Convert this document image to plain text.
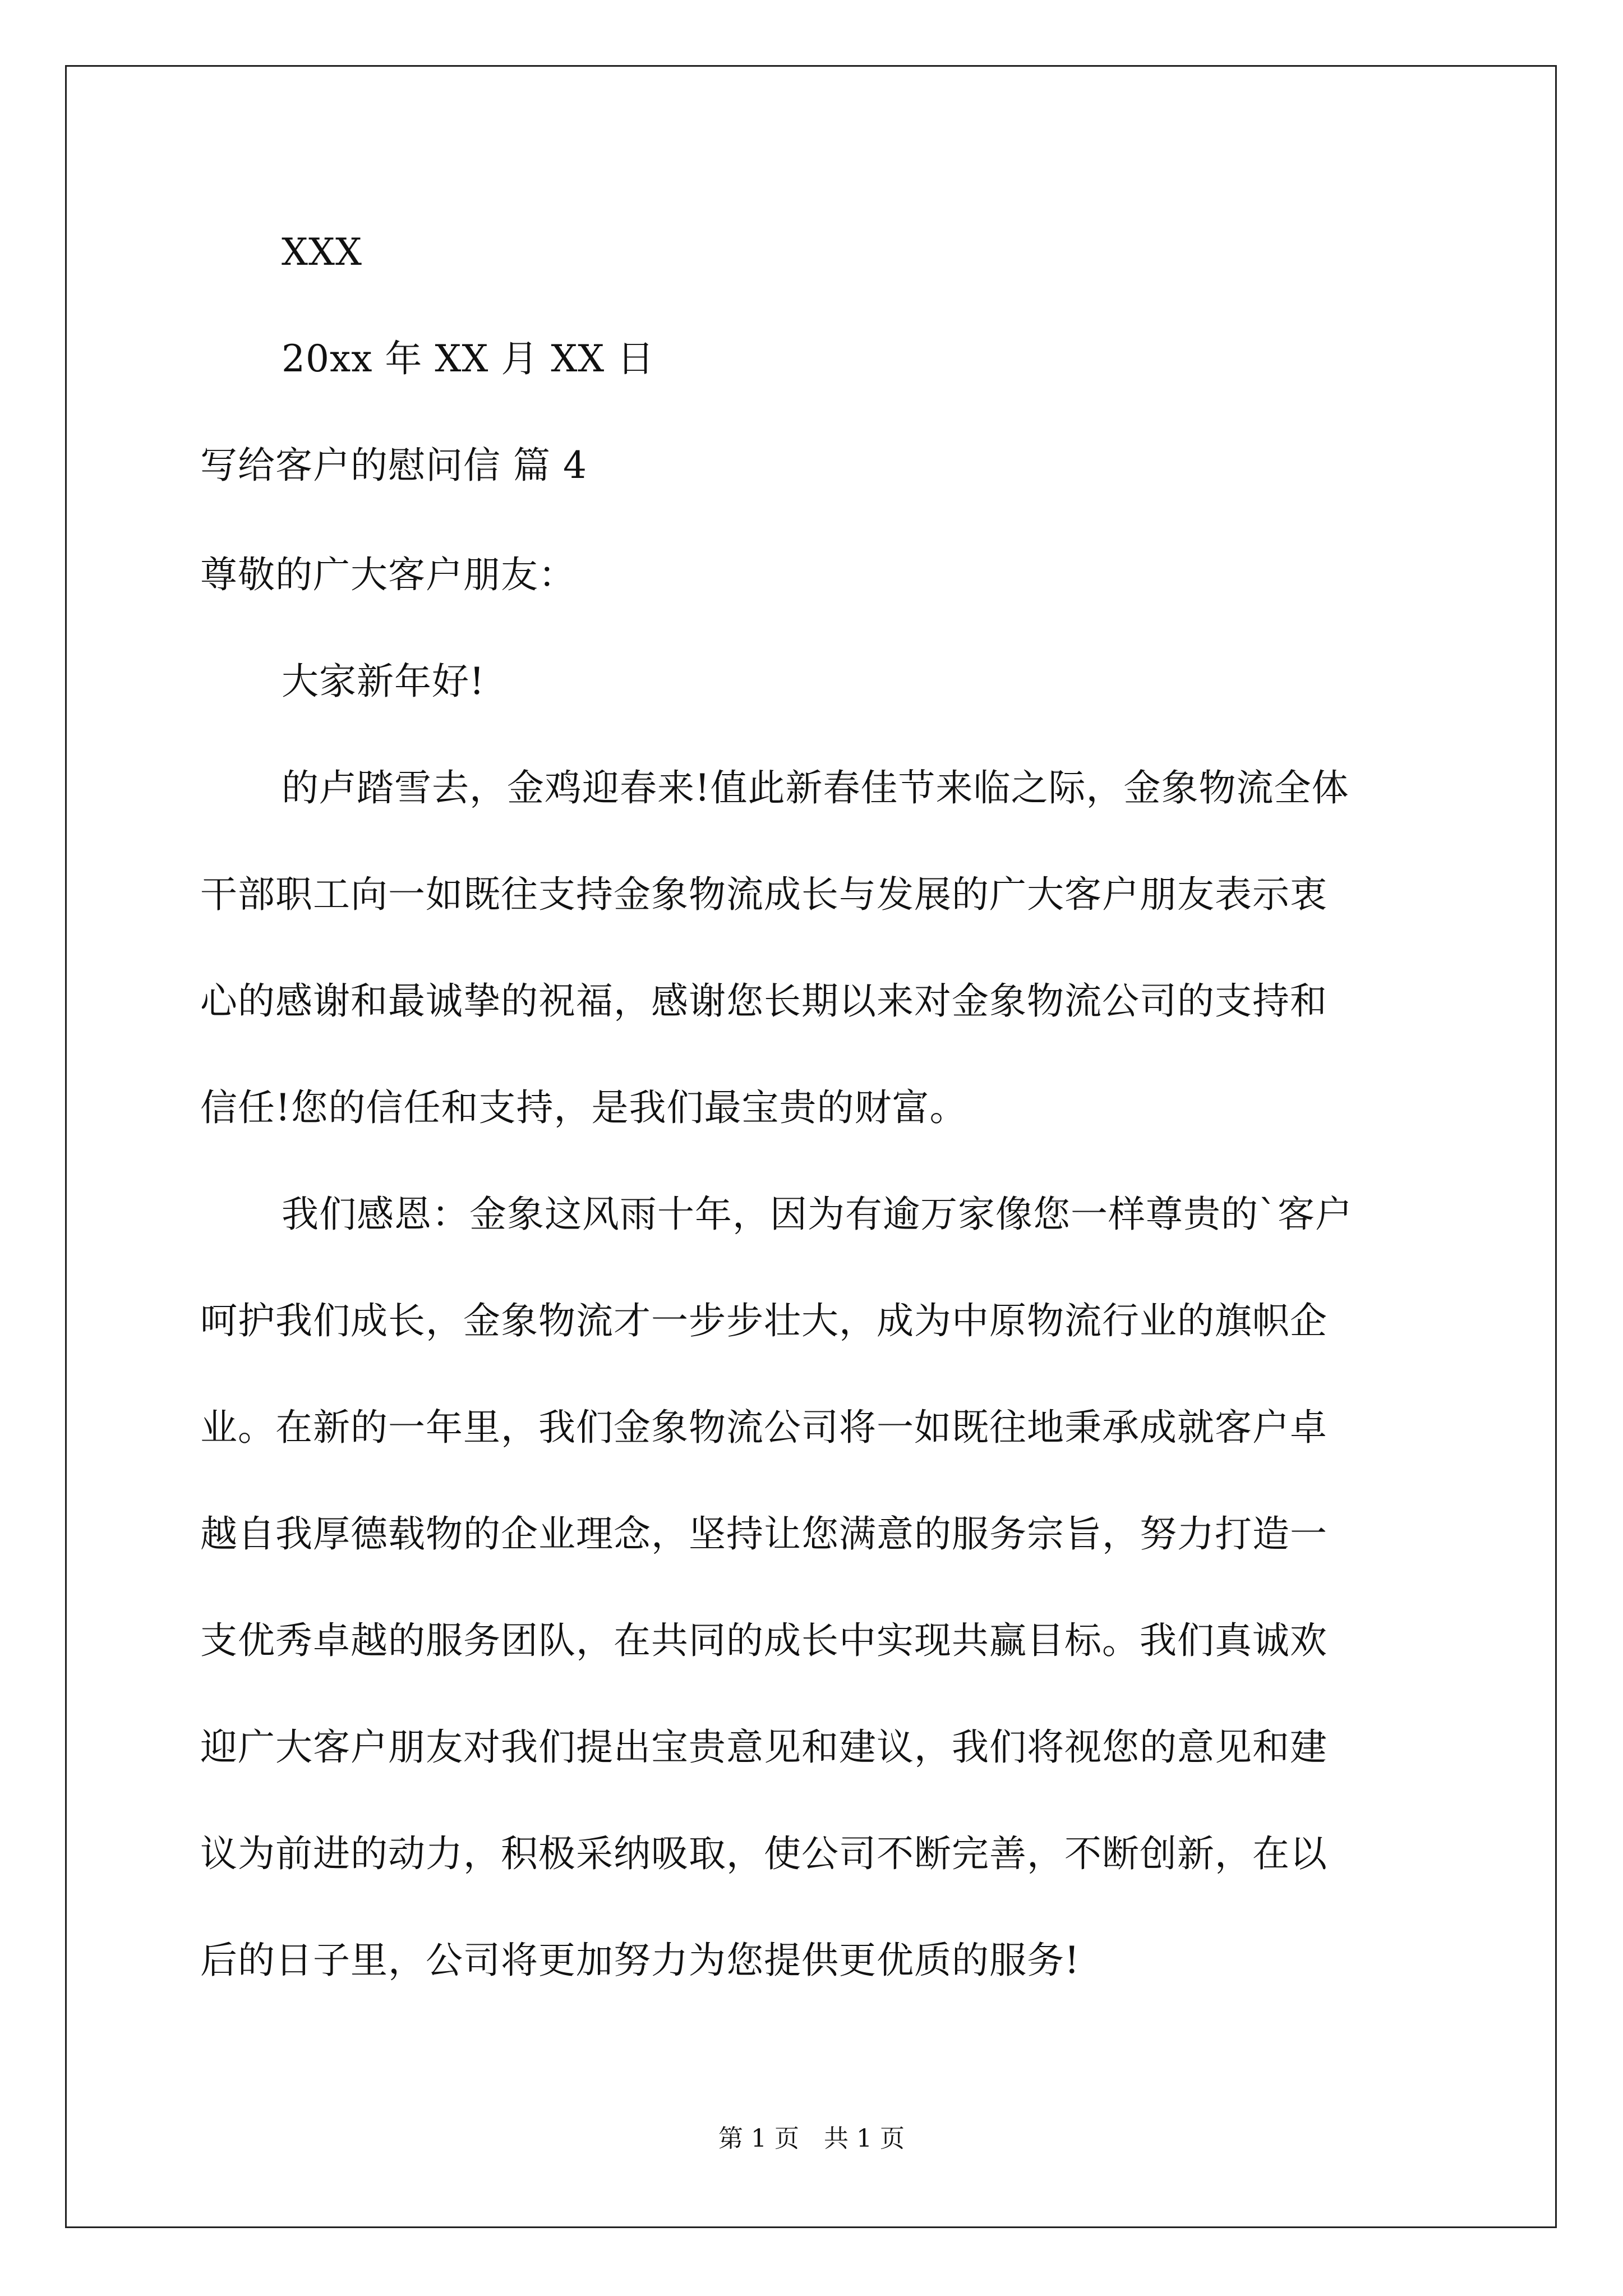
XXX
20xx 年 XX 月 XX 日
写给客户的慰问信 篇 4
尊敬的广大客户朋友：
大家新年好!
的卢踏雪去，金鸡迎春来!值此新春佳节来临之际，金象物流全体
干部职工向一如既往支持金象物流成长与发展的广大客户朋友表示衷
心的感谢和最诚挚的祝福，感谢您长期以来对金象物流公司的支持和
信任!您的信任和支持，是我们最宝贵的财富。
我们感恩：金象这风雨十年，因为有逾万家像您一样尊贵的`客户
呵护我们成长，金象物流才一步步壮大，成为中原物流行业的旗帜企
业。在新的一年里，我们金象物流公司将一如既往地秉承成就客户卓
越自我厚德载物的企业理念，坚持让您满意的服务宗旨，努力打造一
支优秀卓越的服务团队，在共同的成长中实现共赢目标。我们真诚欢
迎广大客户朋友对我们提出宝贵意见和建议，我们将视您的意见和建
议为前进的动力，积极采纳吸取，使公司不断完善，不断创新，在以
后的日子里，公司将更加努力为您提供更优质的服务!
第 1 页　共 1 页
